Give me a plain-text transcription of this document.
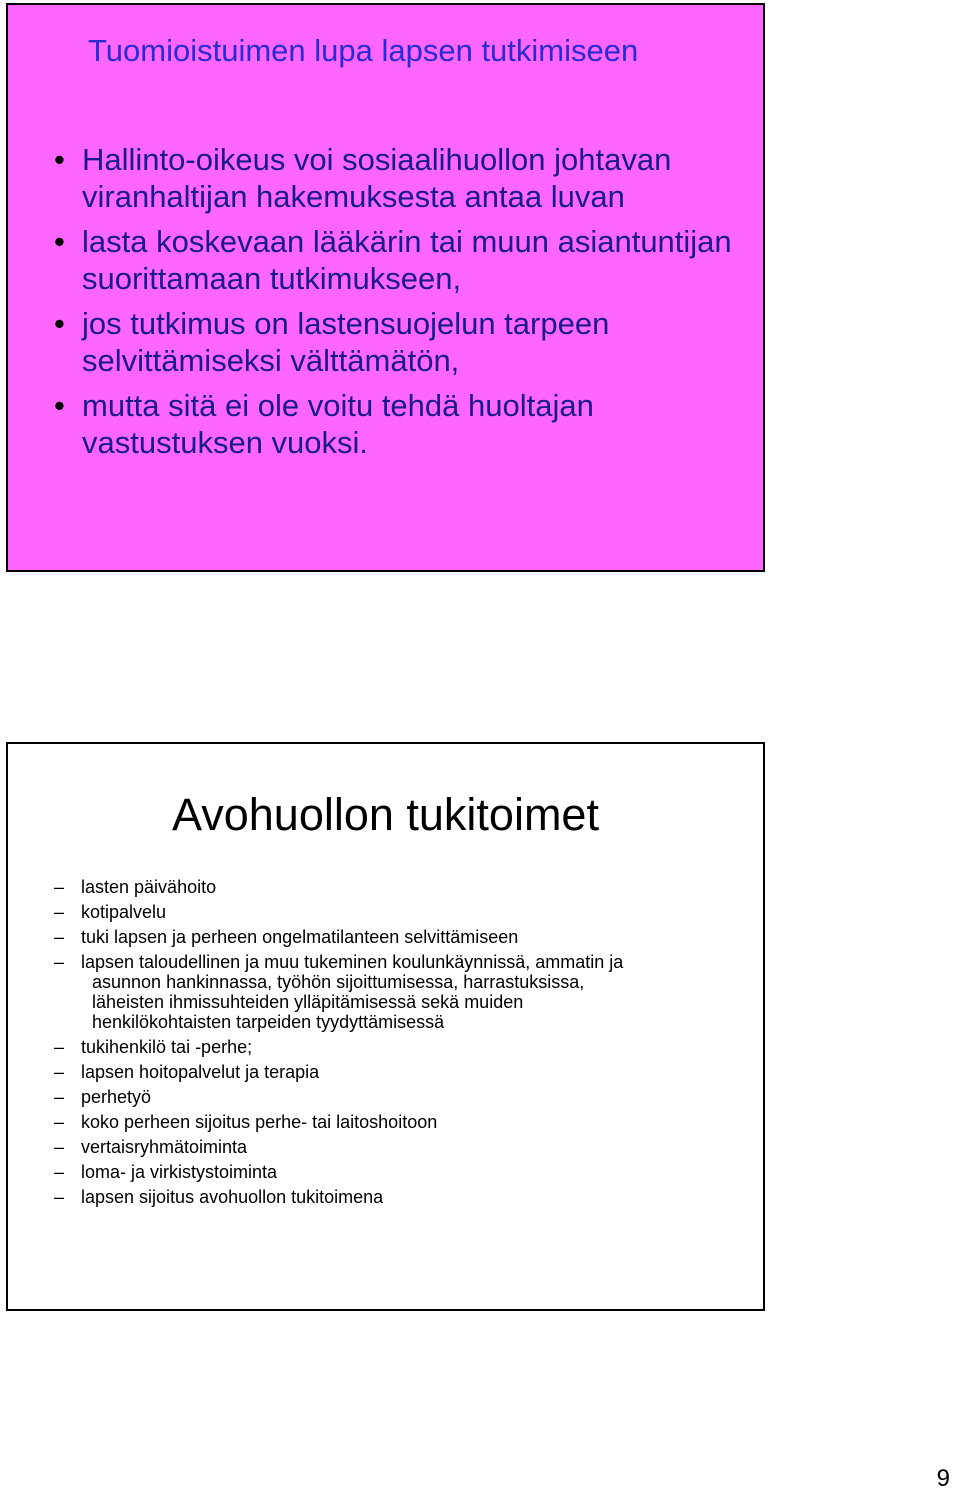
Tuomioistuimen lupa lapsen tutkimiseen
• Hallinto-oikeus voi sosiaalihuollon johtavan viranhaltijan hakemuksesta antaa luvan
• lasta koskevaan lääkärin tai muun asiantuntijan suorittamaan tutkimukseen,
• jos tutkimus on lastensuojelun tarpeen selvittämiseksi välttämätön,
• mutta sitä ei ole voitu tehdä huoltajan vastustuksen vuoksi.
Avohuollon tukitoimet
– lasten päivähoito
– kotipalvelu
– tuki lapsen ja perheen ongelmatilanteen selvittämiseen
– lapsen taloudellinen ja muu tukeminen koulunkäynnissä, ammatin ja
asunnon hankinnassa, työhön sijoittumisessa, harrastuksissa,
läheisten ihmissuhteiden ylläpitämisessä sekä muiden
henkilökohtaisten tarpeiden tyydyttämisessä
– tukihenkilö tai -perhe;
– lapsen hoitopalvelut ja terapia
– perhetyö
– koko perheen sijoitus perhe- tai laitoshoitoon
– vertaisryhmätoiminta
– loma- ja virkistystoiminta
– lapsen sijoitus avohuollon tukitoimena
9
